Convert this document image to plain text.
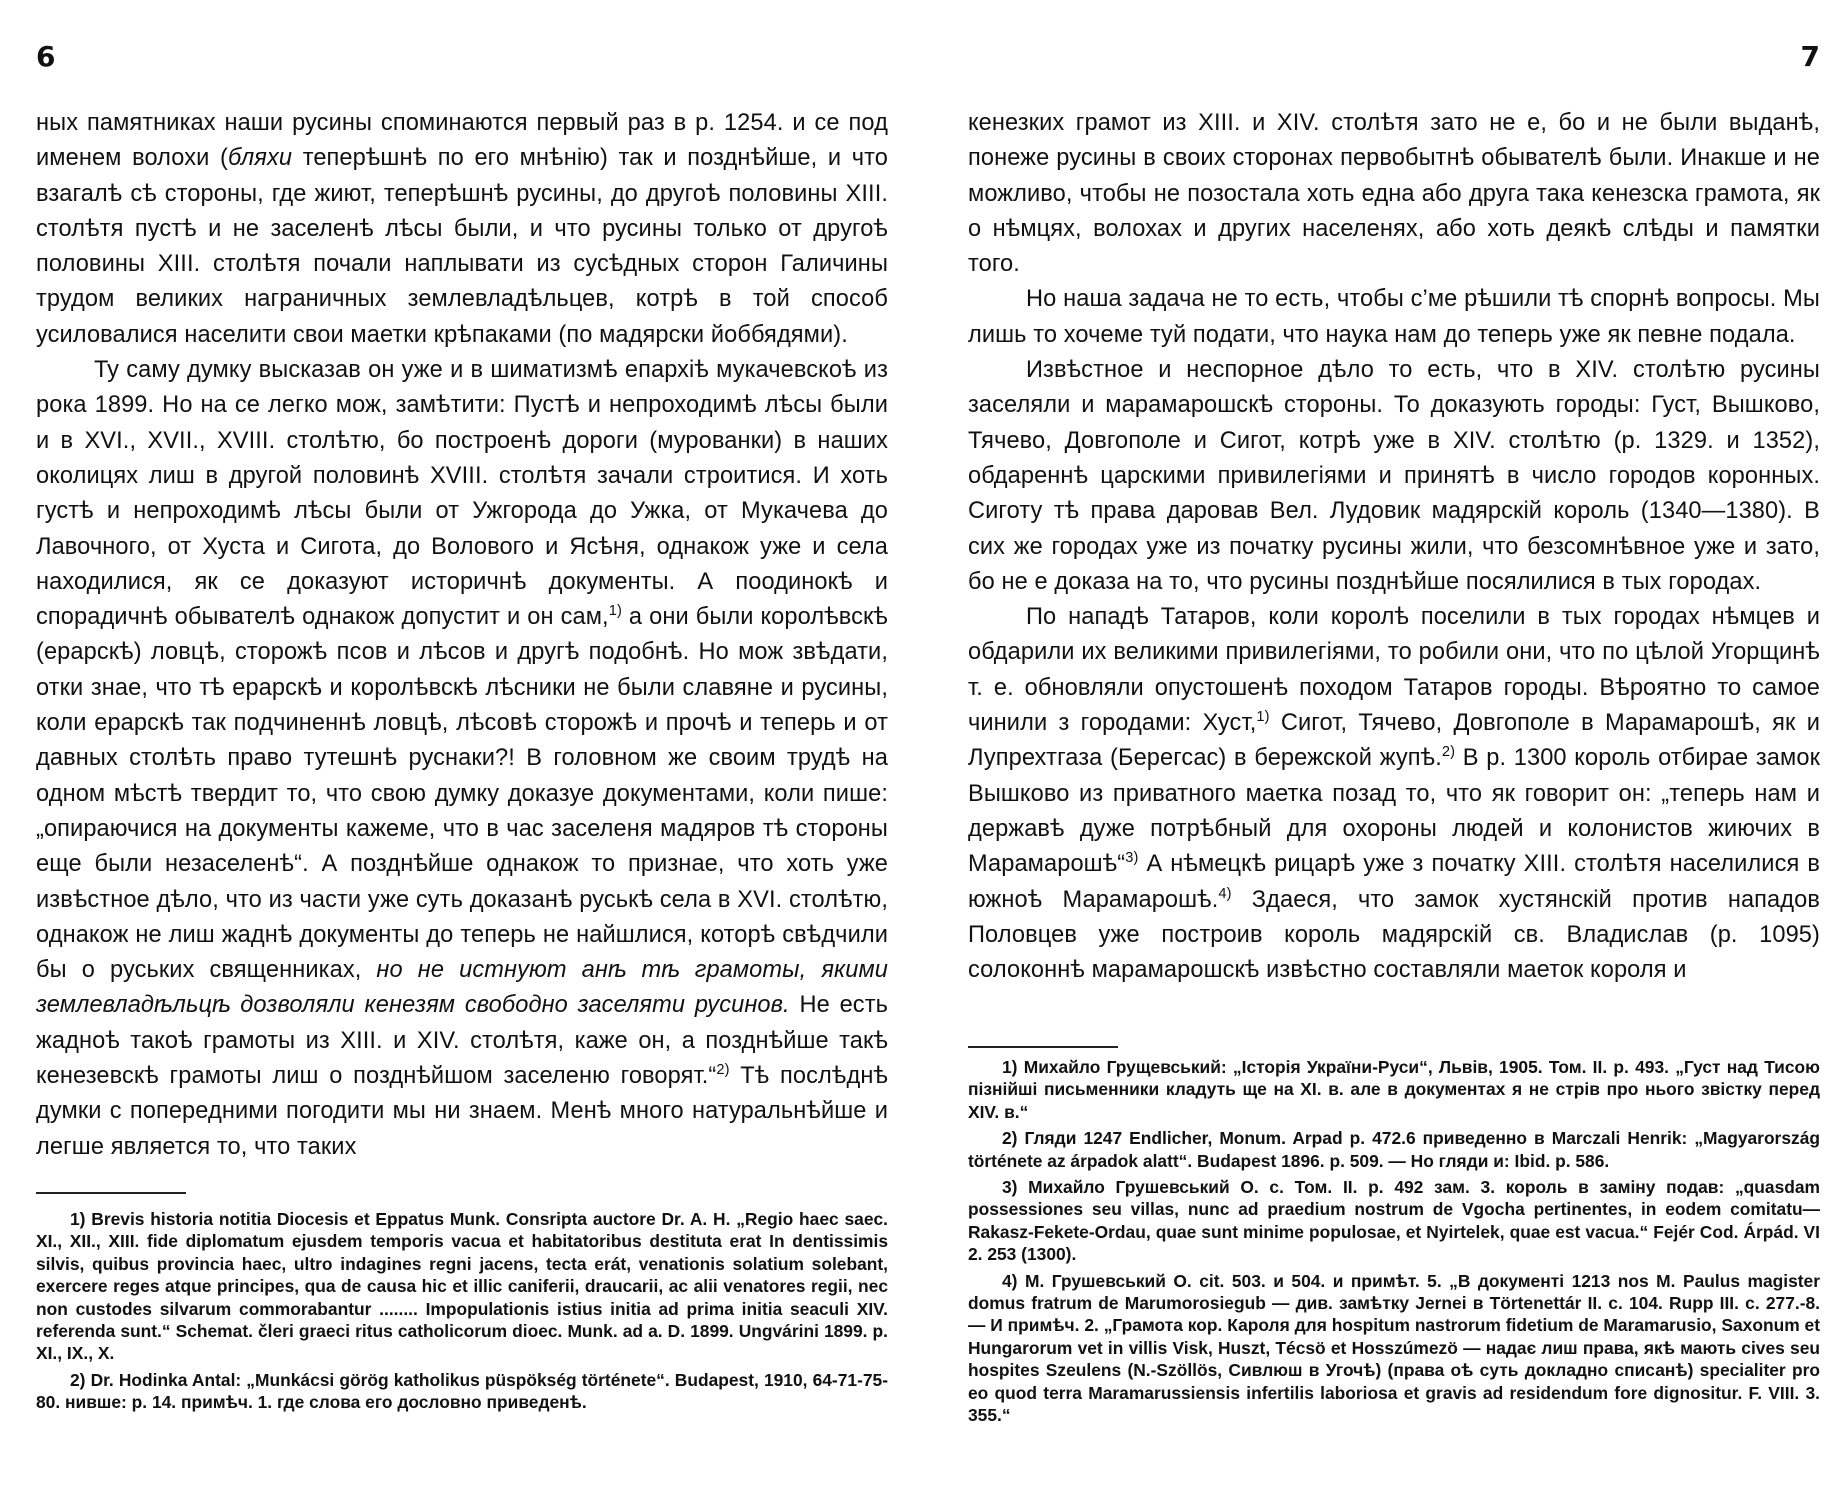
6

ных памятниках наши русины споминаются первый раз в р. 1254. и се под именем волохи (бляхи теперѣшнѣ по его мнѣнію) так и позднѣйше, и что взагалѣ сѣ стороны, где жиют, теперѣшнѣ русины, до другоѣ половины XIII. столѣтя пустѣ и не заселенѣ лѣсы были, и что русины только от другоѣ половины XIII. столѣтя почали наплывати из сусѣдных сторон Галичины трудом великих награничных землевладѣльцев, котрѣ в той способ усиловалися населити свои маетки крѣпаками (по мадярски йоббядями).

Ту саму думку высказав он уже и в шиматизмѣ епархіѣ мукачевскоѣ из рока 1899. Но на се легко мож, замѣтити: Пустѣ и непроходимѣ лѣсы были и в XVI., XVII., XVIII. столѣтю, бо построенѣ дороги (мурованки) в наших околицях лиш в другой половинѣ XVIII. столѣтя зачали строитися. И хоть густѣ и непроходимѣ лѣсы были от Ужгорода до Ужка, от Мукачева до Лавочного, от Хуста и Сигота, до Волового и Ясѣня, однакож уже и села находилися, як се доказуют историчнѣ документы. А поодинокѣ и спорадичнѣ обывателѣ однакож допустит и он сам,$^{1)}$ а они были королѣвскѣ (ерарскѣ) ловцѣ, сторожѣ псов и лѣсов и другѣ подобнѣ. Но мож звѣдати, отки знае, что тѣ ерарскѣ и королѣвскѣ лѣсники не были славяне и русины, коли ерарскѣ так подчиненнѣ ловцѣ, лѣсовѣ сторожѣ и прочѣ и теперь и от давных столѣть право тутешнѣ руснаки?! В головном же своим трудѣ на одном мѣстѣ твердит то, что свою думку доказуе документами, коли пише: „опираючися на документы кажеме, что в час заселеня мадяров тѣ стороны еще были незаселенѣ“. А позднѣйше однакож то признае, что хоть уже извѣстное дѣло, что из части уже суть доказанѣ руськѣ села в XVI. столѣтю, однакож не лиш жаднѣ документы до теперь не найшлися, которѣ свѣдчили бы о руських священниках, но не истнуют анѣ тѣ грамоты, якими землевладѣльцѣ дозволяли кенезям свободно заселяти русинов. Не есть жадноѣ такоѣ грамоты из XIII. и XIV. столѣтя, каже он, а позднѣйше такѣ кенезевскѣ грамоты лиш о позднѣйшом заселеню говорят.“$^{2)}$ Тѣ послѣднѣ думки с попередними погодити мы ни знаем. Менѣ много натуральнѣйше и легше является то, что таких

1) Brevis historia notitia Diocesis et Eppatus Munk. Consripta auctore Dr. A. H. „Regio haec saec. XI., XII., XIII. fide diplomatum ejusdem temporis vacua et habitatoribus destituta erat In dentissimis silvis, quibus provincia haec, ultro indagines regni jacens, tecta erát, venationis solatium solebant, exercere reges atque principes, qua de causa hic et illic caniferii, draucarii, ac alii venatores regii, nec non custodes silvarum commorabantur ........ Impopulationis istius initia ad prima initia seaculi XIV. referenda sunt.“ Schemat. čleri graeci ritus catholicorum dioec. Munk. ad a. D. 1899. Ungvárini 1899. p. XI., IX., X.

2) Dr. Hodinka Antal: „Munkácsi görög katholikus püspökség története“. Budapest, 1910, 64-71-75-80. нивше: р. 14. примѣч. 1. где слова его дословно приведенѣ.

7

кенезких грамот из XIII. и XIV. столѣтя зато не е, бо и не были выданѣ, понеже русины в своих сторонах первобытнѣ обывателѣ были. Инакше и не можливо, чтобы не позостала хоть една або друга така кенезска грамота, як о нѣмцях, волохах и других населенях, або хоть деякѣ слѣды и памятки того.

Но наша задача не то есть, чтобы с’ме рѣшили тѣ спорнѣ вопросы. Мы лишь то хочеме туй подати, что наука нам до теперь уже як певне подала.

Извѣстное и неспорное дѣло то есть, что в XIV. столѣтю русины заселяли и марамарошскѣ стороны. То доказують городы: Густ, Вышково, Тячево, Довгополе и Сигот, котрѣ уже в XIV. столѣтю (р. 1329. и 1352), обдареннѣ царскими привилегіями и принятѣ в число городов коронных. Сиготу тѣ права даровав Вел. Лудовик мадярскій король (1340—1380). В сих же городах уже из початку русины жили, что безсомнѣвное уже и зато, бо не е доказа на то, что русины позднѣйше посялилися в тых городах.

По нападѣ Татаров, коли королѣ поселили в тых городах нѣмцев и обдарили их великими привилегіями, то робили они, что по цѣлой Угорщинѣ т. е. обновляли опустошенѣ походом Татаров городы. Вѣроятно то самое чинили з городами: Хуст,$^{1)}$ Сигот, Тячево, Довгополе в Марамарошѣ, як и Лупрехтгаза (Берегсас) в бережской жупѣ.$^{2)}$ В р. 1300 король отбирае замок Вышково из приватного маетка позад то, что як говорит он: „теперь нам и державѣ дуже потрѣбный для охороны людей и колонистов жиючих в Марамарошѣ“$^{3)}$ А нѣмецкѣ рицарѣ уже з початку XIII. столѣтя населилися в южноѣ Марамарошѣ.$^{4)}$ Здаеся, что замок хустянскій против нападов Половцев уже построив король мадярскій св. Владислав (р. 1095) солоконнѣ марамарошскѣ извѣстно составляли маеток короля и

1) Михайло Грущевський: „Історія України-Руси“, Львів, 1905. Том. II. р. 493. „Густ над Тисою пізнійші письменники кладуть ще на XI. в. але в документах я не стрів про нього звістку перед XIV. в.“

2) Гляди 1247 Endlicher, Monum. Arpad p. 472.6 приведенно в Marczali Henrik: „Magyarország története az árpadok alatt“. Budapest 1896. p. 509. — Но гляди и: Ibid. p. 586.

3) Михайло Грушевський О. с. Том. II. р. 492 зам. 3. король в заміну подав: „quasdam possessiones seu villas, nunc ad praedium nostrum de Vgocha pertinentes, in eodem comitatu—Rakasz-Fekete-Ordau, quae sunt minime populosae, et Nyirtelek, quae est vacua.“ Fejér Cod. Árpád. VI 2. 253 (1300).

4) М. Грушевський О. cit. 503. и 504. и примѣт. 5. „В документі 1213 nos M. Paulus magister domus fratrum de Marumorosiegub — див. замѣтку Jernei в Törtenettár II. c. 104. Rupp III. c. 277.-8. — И примѣч. 2. „Грамота кор. Кароля для hospitum nastrorum fidetium de Maramarusio, Saxonum et Hungarorum vet in villis Visk, Huszt, Técsö et Hosszúmezö — надає лиш права, якѣ мають cives seu hospites Szeulens (N.-Szöllös, Сивлюш в Угочѣ) (права оѣ суть докладно списанѣ) specialiter pro eo quod terra Maramarussiensis infertilis laboriosa et gravis ad residendum fore dignositur. F. VIII. 3. 355.“
